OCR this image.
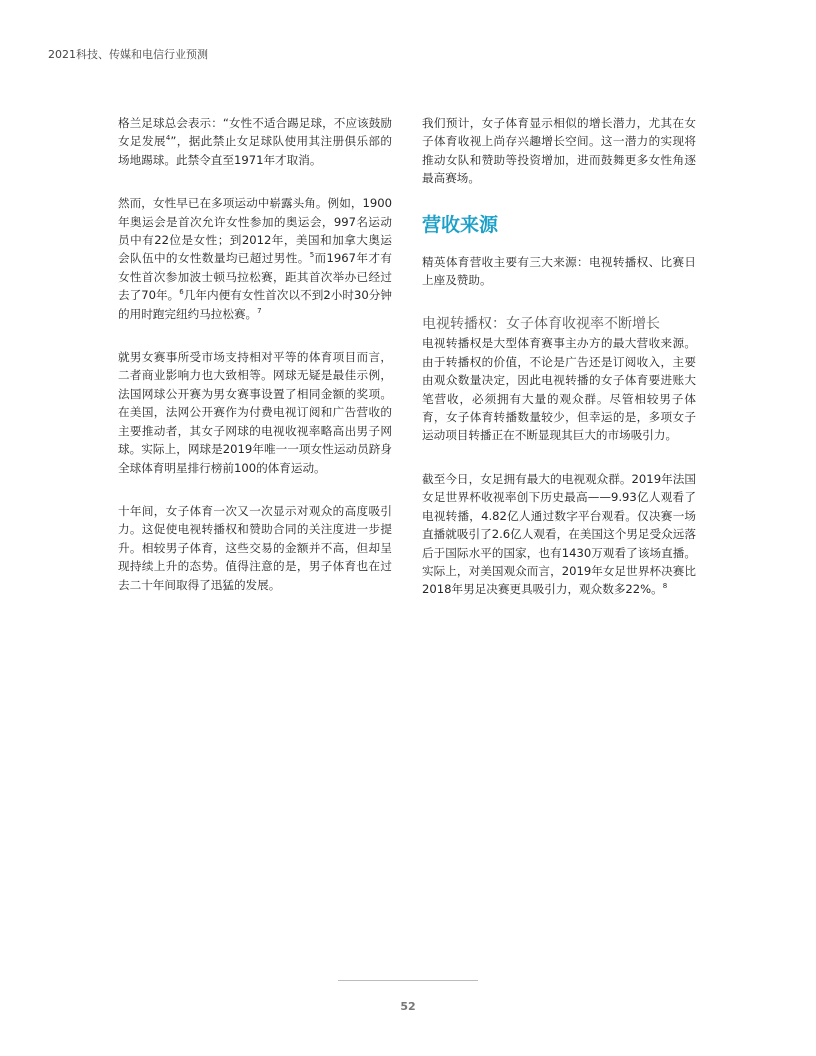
2021科技、传媒和电信行业预测

格兰足球总会表示：“女性不适合踢足球，不应该鼓励女足发展$^4$”，据此禁止女足球队使用其注册俱乐部的场地踢球。此禁令直至1971年才取消。

然而，女性早已在多项运动中崭露头角。例如，1900年奥运会是首次允许女性参加的奥运会，997名运动员中有22位是女性；到2012年，美国和加拿大奥运会队伍中的女性数量均已超过男性。$^5$而1967年才有女性首次参加波士顿马拉松赛，距其首次举办已经过去了70年。$^6$几年内便有女性首次以不到2小时30分钟的用时跑完纽约马拉松赛。$^7$

就男女赛事所受市场支持相对平等的体育项目而言，二者商业影响力也大致相等。网球无疑是最佳示例，法国网球公开赛为男女赛事设置了相同金额的奖项。在美国，法网公开赛作为付费电视订阅和广告营收的主要推动者，其女子网球的电视收视率略高出男子网球。实际上，网球是2019年唯一一项女性运动员跻身全球体育明星排行榜前100的体育运动。

十年间，女子体育一次又一次显示对观众的高度吸引力。这促使电视转播权和赞助合同的关注度进一步提升。相较男子体育，这些交易的金额并不高，但却呈现持续上升的态势。值得注意的是，男子体育也在过去二十年间取得了迅猛的发展。

我们预计，女子体育显示相似的增长潜力，尤其在女子体育收视上尚存兴趣增长空间。这一潜力的实现将推动女队和赞助等投资增加，进而鼓舞更多女性角逐最高赛场。

营收来源

精英体育营收主要有三大来源：电视转播权、比赛日上座及赞助。

电视转播权：女子体育收视率不断增长

电视转播权是大型体育赛事主办方的最大营收来源。由于转播权的价值，不论是广告还是订阅收入，主要由观众数量决定，因此电视转播的女子体育要进账大笔营收，必须拥有大量的观众群。尽管相较男子体育，女子体育转播数量较少，但幸运的是，多项女子运动项目转播正在不断显现其巨大的市场吸引力。

截至今日，女足拥有最大的电视观众群。2019年法国女足世界杯收视率创下历史最高——9.93亿人观看了电视转播，4.82亿人通过数字平台观看。仅决赛一场直播就吸引了2.6亿人观看，在美国这个男足受众远落后于国际水平的国家，也有1430万观看了该场直播。实际上，对美国观众而言，2019年女足世界杯决赛比2018年男足决赛更具吸引力，观众数多22%。$^8$

52
